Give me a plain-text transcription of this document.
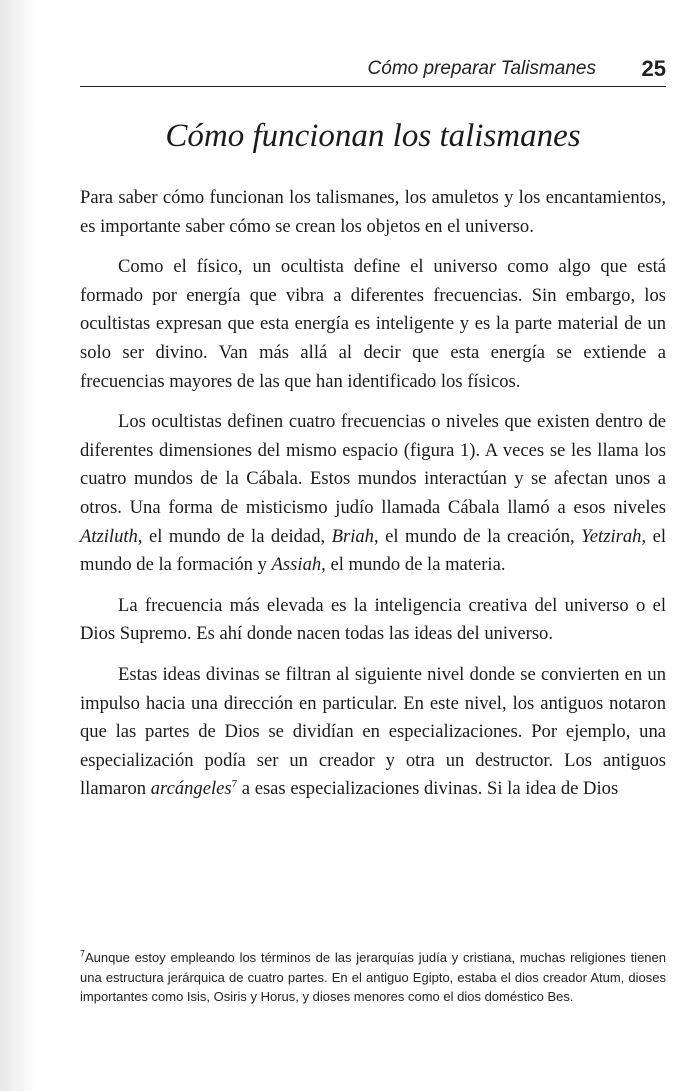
Cómo preparar Talismanes 25
Cómo funcionan los talismanes

Para saber cómo funcionan los talismanes, los amuletos y los encantamientos, es importante saber cómo se crean los objetos en el universo.

Como el físico, un ocultista define el universo como algo que está formado por energía que vibra a diferentes frecuencias. Sin embargo, los ocultistas expresan que esta energía es inteligente y es la parte material de un solo ser divino. Van más allá al decir que esta energía se extiende a frecuencias mayores de las que han identificado los físicos.

Los ocultistas definen cuatro frecuencias o niveles que existen dentro de diferentes dimensiones del mismo espacio (figura 1). A veces se les llama los cuatro mundos de la Cábala. Estos mundos interactúan y se afectan unos a otros. Una forma de misticismo judío llamada Cábala llamó a esos niveles Atziluth, el mundo de la deidad, Briah, el mundo de la creación, Yetzirah, el mundo de la formación y Assiah, el mundo de la materia.

La frecuencia más elevada es la inteligencia creativa del universo o el Dios Supremo. Es ahí donde nacen todas las ideas del universo.

Estas ideas divinas se filtran al siguiente nivel donde se convierten en un impulso hacia una dirección en particular. En este nivel, los antiguos notaron que las partes de Dios se dividían en especializaciones. Por ejemplo, una especialización podía ser un creador y otra un destructor. Los antiguos llamaron arcángeles$^7$ a esas especializaciones divinas. Si la idea de Dios

$^7$Aunque estoy empleando los términos de las jerarquías judía y cristiana, muchas religiones tienen una estructura jerárquica de cuatro partes. En el antiguo Egipto, estaba el dios creador Atum, dioses importantes como Isis, Osiris y Horus, y dioses menores como el dios doméstico Bes.
